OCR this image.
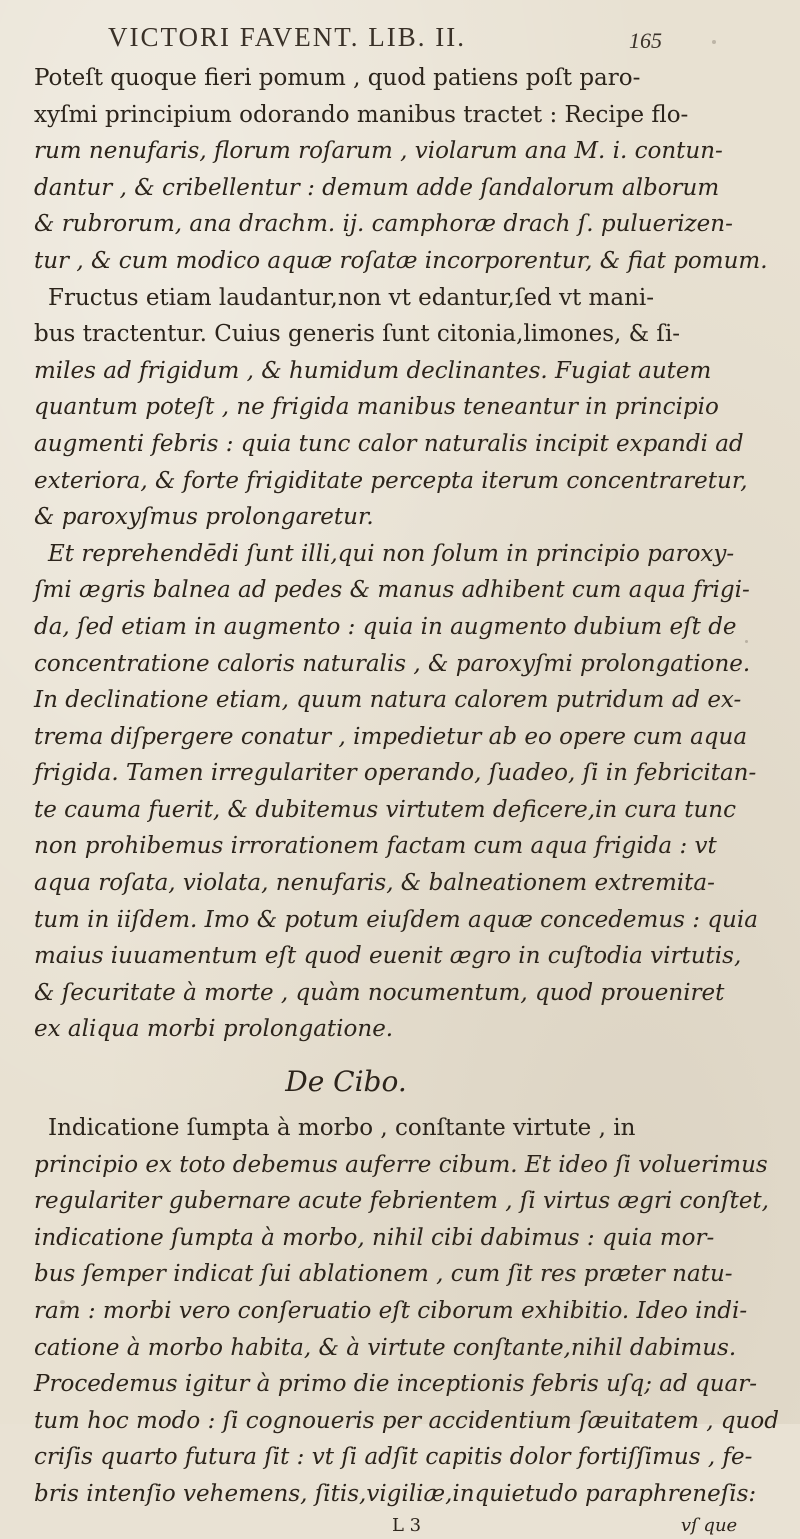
VICTORI FAVENT. LIB. II.	165
Poteſt quoque fieri pomum , quod patiens poſt paro-
xyſmi principium odorando manibus tractet : Recipe flo-
rum nenufaris, florum roſarum , violarum ana M. i. contun-
dantur , & cribellentur : demum adde ſandalorum alborum
& rubrorum, ana drachm. ij. camphoræ drach ſ. puluerizen-
tur , & cum modico aquæ roſatæ incorporentur, & fiat pomum.
Fructus etiam laudantur,non vt edantur,ſed vt mani-
bus tractentur. Cuius generis ſunt citonia,limones, & ſi-
miles ad frigidum , & humidum declinantes. Fugiat autem
quantum poteſt , ne frigida manibus teneantur in principio
augmenti febris : quia tunc calor naturalis incipit expandi ad
exteriora, & forte frigiditate percepta iterum concentraretur,
& paroxyſmus prolongaretur.
Et reprehendēdi ſunt illi,qui non ſolum in principio paroxy-
ſmi ægris balnea ad pedes & manus adhibent cum aqua frigi-
da, ſed etiam in augmento : quia in augmento dubium eſt de
concentratione caloris naturalis , & paroxyſmi prolongatione.
In declinatione etiam, quum natura calorem putridum ad ex-
trema diſpergere conatur , impedietur ab eo opere cum aqua
frigida. Tamen irregulariter operando, ſuadeo, ſi in febricitan-
te cauma fuerit, & dubitemus virtutem deficere,in cura tunc
non prohibemus irrorationem factam cum aqua frigida : vt
aqua roſata, violata, nenufaris, & balneationem extremita-
tum in iiſdem. Imo & potum eiuſdem aquæ concedemus : quia
maius iuuamentum eſt quod euenit ægro in cuſtodia virtutis,
& ſecuritate à morte , quàm nocumentum, quod proueniret
ex aliqua morbi prolongatione.
De Cibo.
Indicatione ſumpta à morbo , conſtante virtute , in
principio ex toto debemus auferre cibum. Et ideo ſi voluerimus
regulariter gubernare acute febrientem , ſi virtus ægri conſtet,
indicatione ſumpta à morbo, nihil cibi dabimus : quia mor-
bus ſemper indicat ſui ablationem , cum ſit res præter natu-
ram : morbi vero conſeruatio eſt ciborum exhibitio. Ideo indi-
catione à morbo habita, & à virtute conſtante,nihil dabimus.
Procedemus igitur à primo die inceptionis febris uſq; ad quar-
tum hoc modo : ſi cognoueris per accidentium ſæuitatem , quod
criſis quarto futura ſit : vt ſi adſit capitis dolor fortiſſimus , fe-
bris intenſio vehemens, ſitis,vigiliæ,inquietudo paraphreneſis:
L 3	vſ que
